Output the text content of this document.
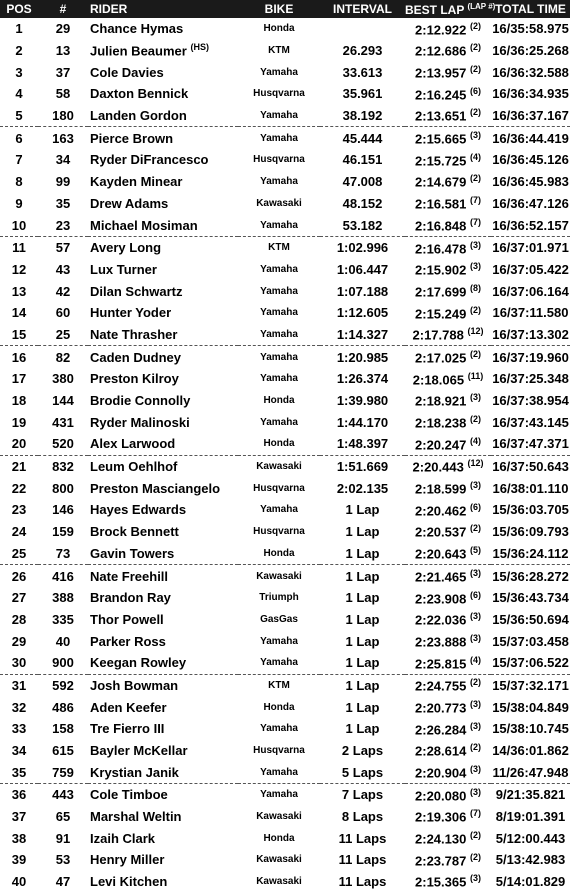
POS	#	RIDER	BIKE	INTERVAL	BEST LAP $^{(LAP \#)}$	TOTAL TIME
1	29	Chance Hymas	Honda		2:12.922 $^{(2)}$	16/35:58.975
2	13	Julien Beaumer $^{(HS)}$	KTM	26.293	2:12.686 $^{(2)}$	16/36:25.268
3	37	Cole Davies	Yamaha	33.613	2:13.957 $^{(2)}$	16/36:32.588
4	58	Daxton Bennick	Husqvarna	35.961	2:16.245 $^{(6)}$	16/36:34.935
5	180	Landen Gordon	Yamaha	38.192	2:13.651 $^{(2)}$	16/36:37.167
6	163	Pierce Brown	Yamaha	45.444	2:15.665 $^{(3)}$	16/36:44.419
7	34	Ryder DiFrancesco	Husqvarna	46.151	2:15.725 $^{(4)}$	16/36:45.126
8	99	Kayden Minear	Yamaha	47.008	2:14.679 $^{(2)}$	16/36:45.983
9	35	Drew Adams	Kawasaki	48.152	2:16.581 $^{(7)}$	16/36:47.126
10	23	Michael Mosiman	Yamaha	53.182	2:16.848 $^{(7)}$	16/36:52.157
11	57	Avery Long	KTM	1:02.996	2:16.478 $^{(3)}$	16/37:01.971
12	43	Lux Turner	Yamaha	1:06.447	2:15.902 $^{(3)}$	16/37:05.422
13	42	Dilan Schwartz	Yamaha	1:07.188	2:17.699 $^{(8)}$	16/37:06.164
14	60	Hunter Yoder	Yamaha	1:12.605	2:15.249 $^{(2)}$	16/37:11.580
15	25	Nate Thrasher	Yamaha	1:14.327	2:17.788 $^{(12)}$	16/37:13.302
16	82	Caden Dudney	Yamaha	1:20.985	2:17.025 $^{(2)}$	16/37:19.960
17	380	Preston Kilroy	Yamaha	1:26.374	2:18.065 $^{(11)}$	16/37:25.348
18	144	Brodie Connolly	Honda	1:39.980	2:18.921 $^{(3)}$	16/37:38.954
19	431	Ryder Malinoski	Yamaha	1:44.170	2:18.238 $^{(2)}$	16/37:43.145
20	520	Alex Larwood	Honda	1:48.397	2:20.247 $^{(4)}$	16/37:47.371
21	832	Leum Oehlhof	Kawasaki	1:51.669	2:20.443 $^{(12)}$	16/37:50.643
22	800	Preston Masciangelo	Husqvarna	2:02.135	2:18.599 $^{(3)}$	16/38:01.110
23	146	Hayes Edwards	Yamaha	1 Lap	2:20.462 $^{(6)}$	15/36:03.705
24	159	Brock Bennett	Husqvarna	1 Lap	2:20.537 $^{(2)}$	15/36:09.793
25	73	Gavin Towers	Honda	1 Lap	2:20.643 $^{(5)}$	15/36:24.112
26	416	Nate Freehill	Kawasaki	1 Lap	2:21.465 $^{(3)}$	15/36:28.272
27	388	Brandon Ray	Triumph	1 Lap	2:23.908 $^{(6)}$	15/36:43.734
28	335	Thor Powell	GasGas	1 Lap	2:22.036 $^{(3)}$	15/36:50.694
29	40	Parker Ross	Yamaha	1 Lap	2:23.888 $^{(3)}$	15/37:03.458
30	900	Keegan Rowley	Yamaha	1 Lap	2:25.815 $^{(4)}$	15/37:06.522
31	592	Josh Bowman	KTM	1 Lap	2:24.755 $^{(2)}$	15/37:32.171
32	486	Aden Keefer	Honda	1 Lap	2:20.773 $^{(3)}$	15/38:04.849
33	158	Tre Fierro III	Yamaha	1 Lap	2:26.284 $^{(3)}$	15/38:10.745
34	615	Bayler McKellar	Husqvarna	2 Laps	2:28.614 $^{(2)}$	14/36:01.862
35	759	Krystian Janik	Yamaha	5 Laps	2:20.904 $^{(3)}$	11/26:47.948
36	443	Cole Timboe	Yamaha	7 Laps	2:20.080 $^{(3)}$	9/21:35.821
37	65	Marshal Weltin	Kawasaki	8 Laps	2:19.306 $^{(7)}$	8/19:01.391
38	91	Izaih Clark	Honda	11 Laps	2:24.130 $^{(2)}$	5/12:00.443
39	53	Henry Miller	Kawasaki	11 Laps	2:23.787 $^{(2)}$	5/13:42.983
40	47	Levi Kitchen	Kawasaki	11 Laps	2:15.365 $^{(3)}$	5/14:01.829
